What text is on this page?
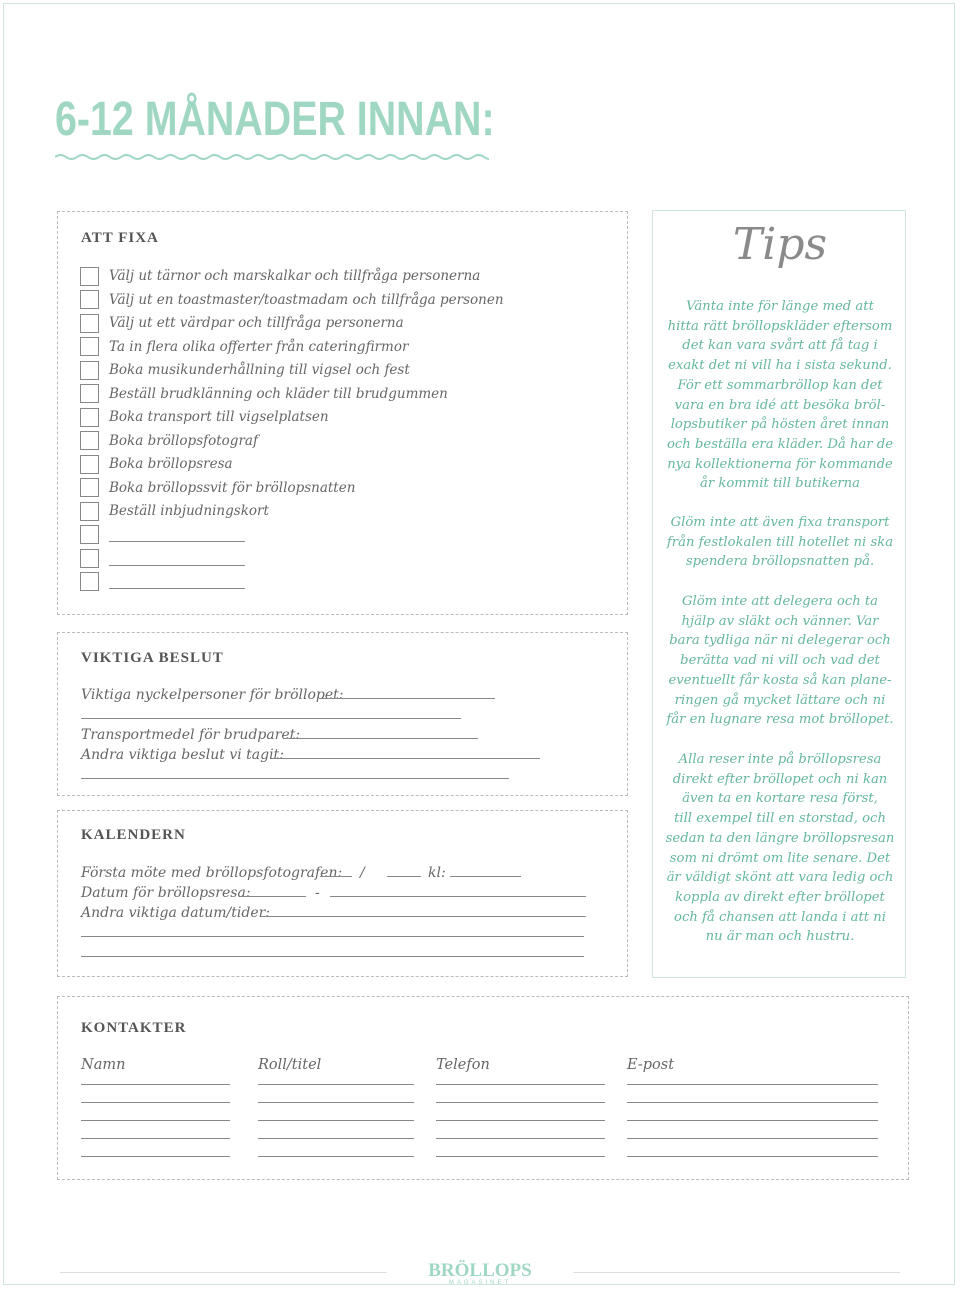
6-12 MÅNADER INNAN:
ATT FIXA
Välj ut tärnor och marskalkar och tillfråga personerna
Välj ut en toastmaster/toastmadam och tillfråga personen
Välj ut ett värdpar och tillfråga personerna
Ta in flera olika offerter från cateringfirmor
Boka musikunderhållning till vigsel och fest
Beställ brudklänning och kläder till brudgummen
Boka transport till vigselplatsen
Boka bröllopsfotograf
Boka bröllopsresa
Boka bröllopssvit för bröllopsnatten
Beställ inbjudningskort
VIKTIGA BESLUT
Viktiga nyckelpersoner för bröllopet:
Transportmedel för brudparet:
Andra viktiga beslut vi tagit:
KALENDERN
Första möte med bröllopsfotografen: /	kl:
Datum för bröllopsresa:	-
Andra viktiga datum/tider:
KONTAKTER
Namn	Roll/titel	Telefon	E-post
Tips

Vänta inte för länge med att
hitta rätt bröllopskläder eftersom
det kan vara svårt att få tag i
exakt det ni vill ha i sista sekund.
För ett sommarbröllop kan det
vara en bra idé att besöka bröl-
lopsbutiker på hösten året innan
och beställa era kläder. Då har de
nya kollektionerna för kommande
år kommit till butikerna

Glöm inte att även fixa transport
från festlokalen till hotellet ni ska
spendera bröllopsnatten på.

Glöm inte att delegera och ta
hjälp av släkt och vänner. Var
bara tydliga när ni delegerar och
berätta vad ni vill och vad det
eventuellt får kosta så kan plane-
ringen gå mycket lättare och ni
får en lugnare resa mot bröllopet.

Alla reser inte på bröllopsresa
direkt efter bröllopet och ni kan
även ta en kortare resa först,
till exempel till en storstad, och
sedan ta den längre bröllopsresan
som ni drömt om lite senare. Det
är väldigt skönt att vara ledig och
koppla av direkt efter bröllopet
och få chansen att landa i att ni
nu är man och hustru.

BRÖLLOPS
MAGASINET
